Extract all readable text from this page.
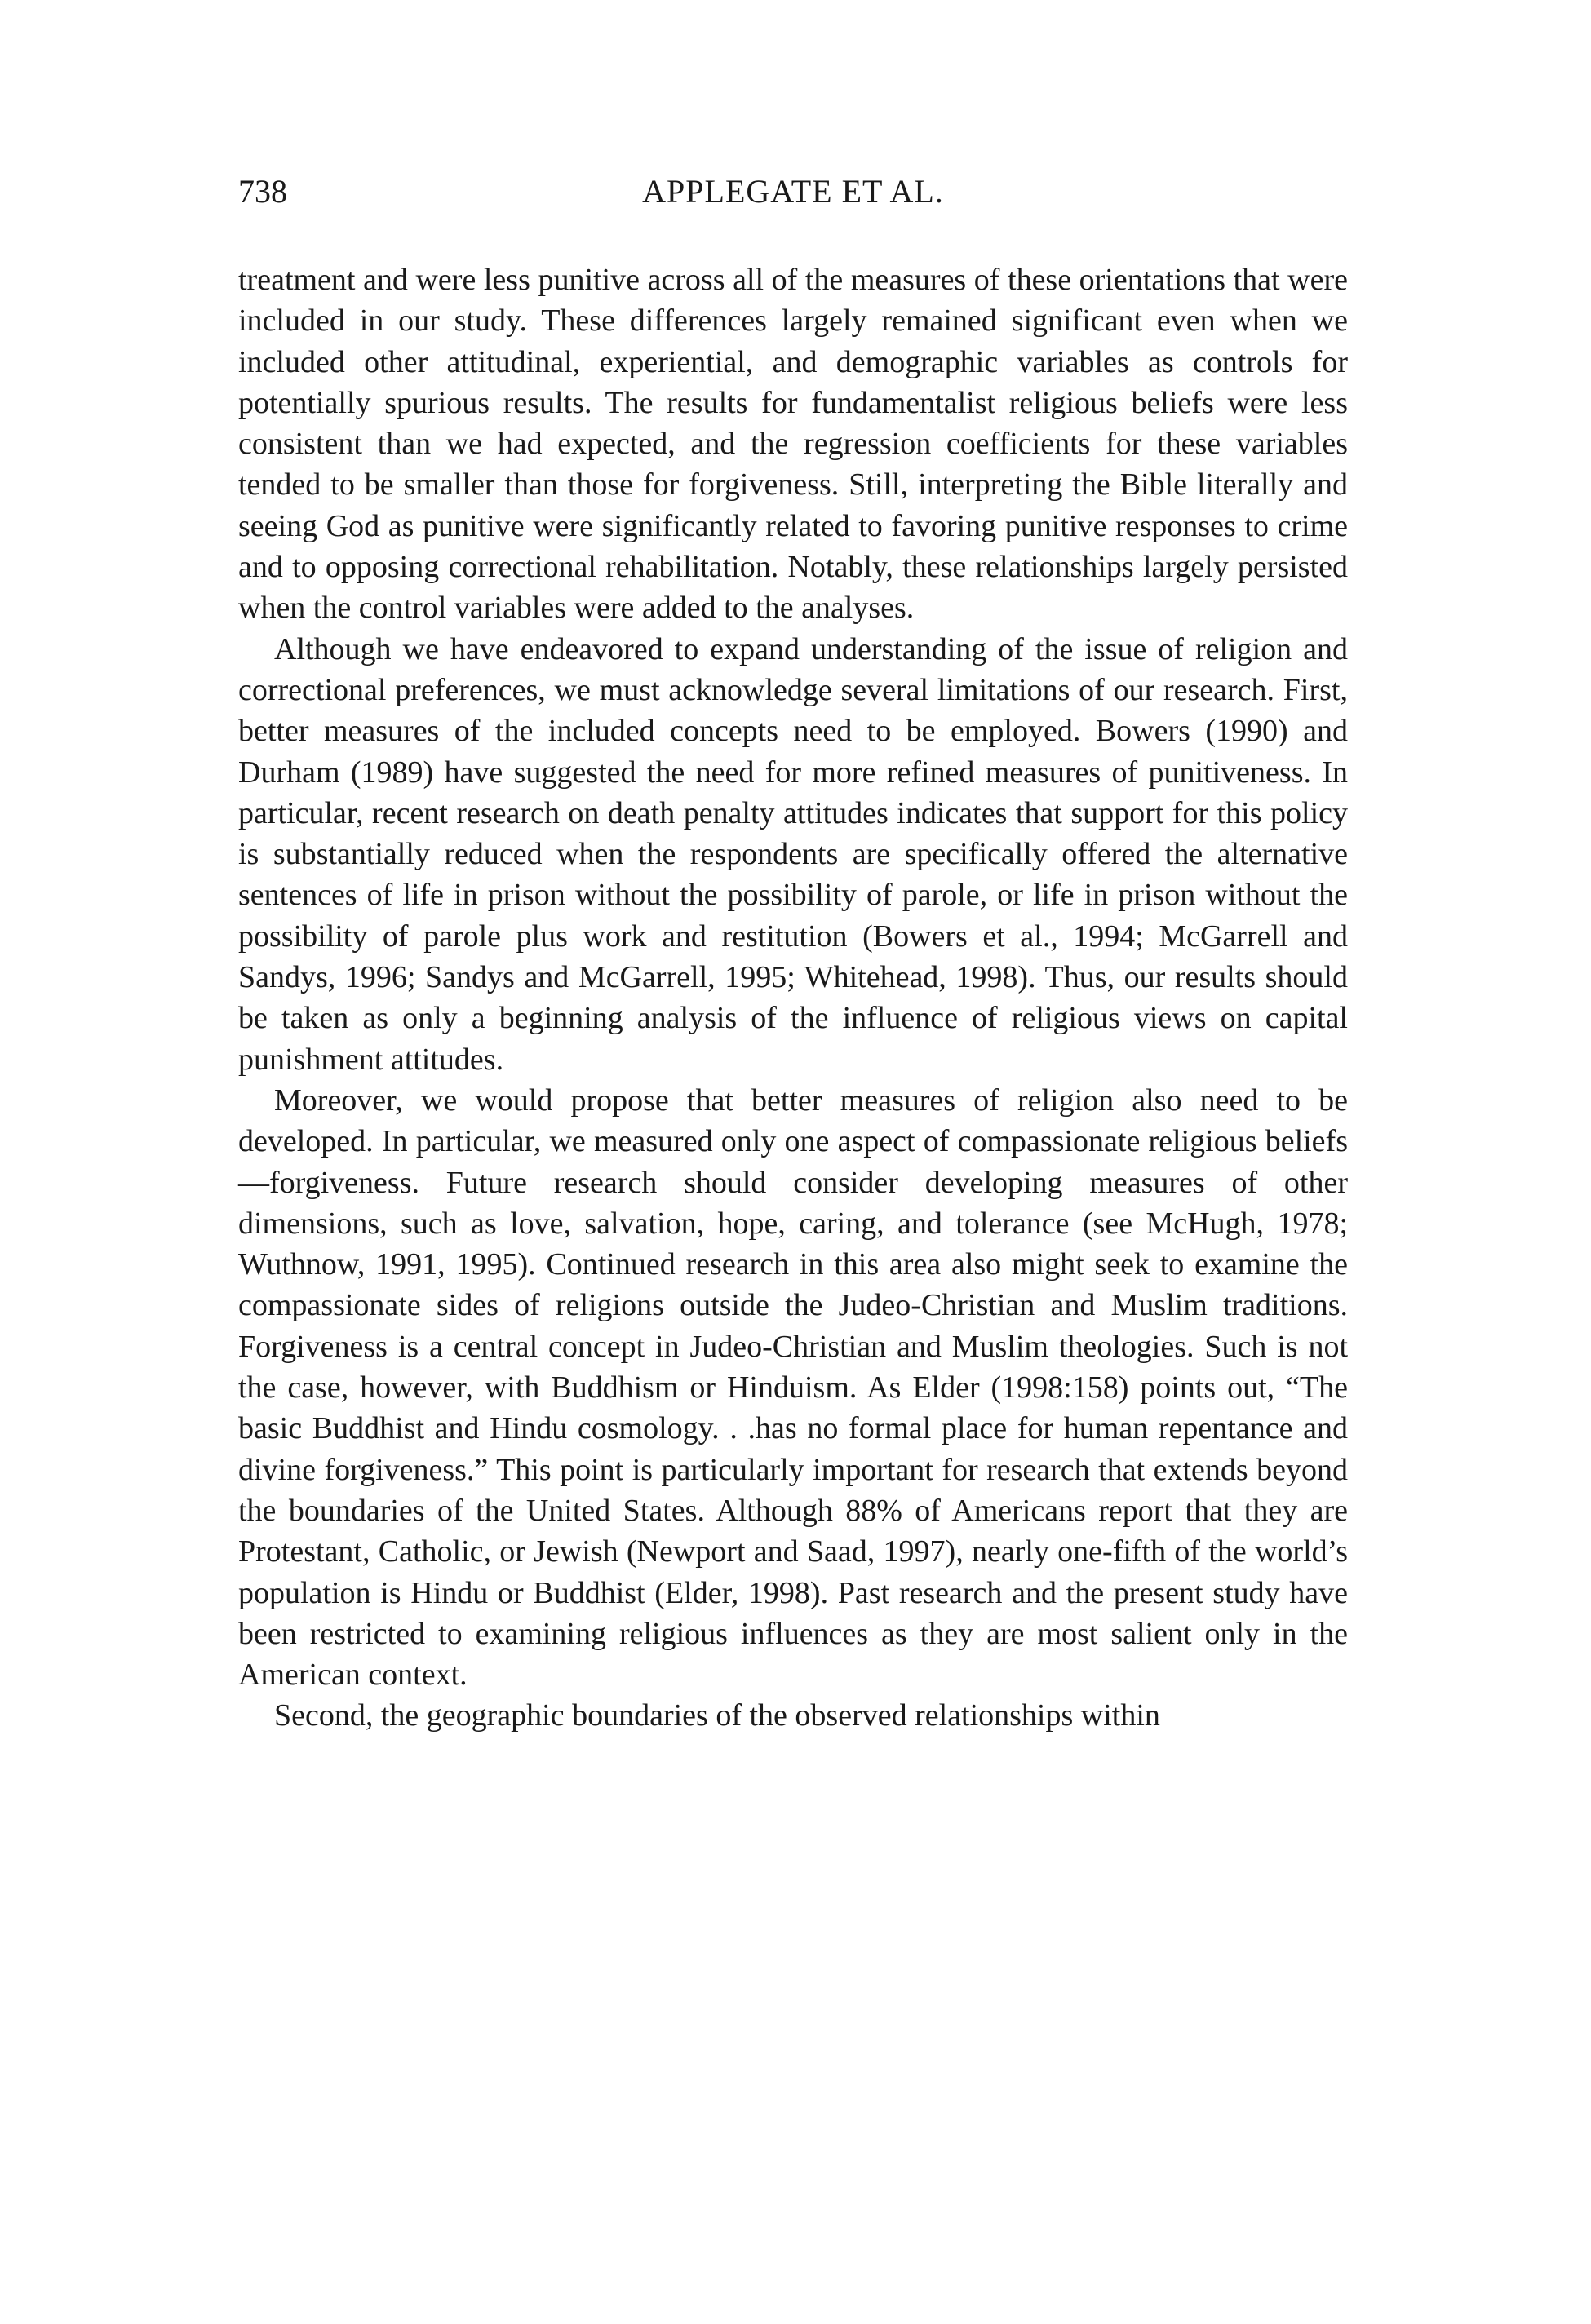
738	APPLEGATE ET AL.

treatment and were less punitive across all of the measures of these orientations that were included in our study. These differences largely remained significant even when we included other attitudinal, experiential, and demographic variables as controls for potentially spurious results. The results for fundamentalist religious beliefs were less consistent than we had expected, and the regression coefficients for these variables tended to be smaller than those for forgiveness. Still, interpreting the Bible literally and seeing God as punitive were significantly related to favoring punitive responses to crime and to opposing correctional rehabilitation. Notably, these relationships largely persisted when the control variables were added to the analyses.

Although we have endeavored to expand understanding of the issue of religion and correctional preferences, we must acknowledge several limitations of our research. First, better measures of the included concepts need to be employed. Bowers (1990) and Durham (1989) have suggested the need for more refined measures of punitiveness. In particular, recent research on death penalty attitudes indicates that support for this policy is substantially reduced when the respondents are specifically offered the alternative sentences of life in prison without the possibility of parole, or life in prison without the possibility of parole plus work and restitution (Bowers et al., 1994; McGarrell and Sandys, 1996; Sandys and McGarrell, 1995; Whitehead, 1998). Thus, our results should be taken as only a beginning analysis of the influence of religious views on capital punishment attitudes.

Moreover, we would propose that better measures of religion also need to be developed. In particular, we measured only one aspect of compassionate religious beliefs—forgiveness. Future research should consider developing measures of other dimensions, such as love, salvation, hope, caring, and tolerance (see McHugh, 1978; Wuthnow, 1991, 1995). Continued research in this area also might seek to examine the compassionate sides of religions outside the Judeo-Christian and Muslim traditions. Forgiveness is a central concept in Judeo-Christian and Muslim theologies. Such is not the case, however, with Buddhism or Hinduism. As Elder (1998:158) points out, “The basic Buddhist and Hindu cosmology. . .has no formal place for human repentance and divine forgiveness.” This point is particularly important for research that extends beyond the boundaries of the United States. Although 88% of Americans report that they are Protestant, Catholic, or Jewish (Newport and Saad, 1997), nearly one-fifth of the world’s population is Hindu or Buddhist (Elder, 1998). Past research and the present study have been restricted to examining religious influences as they are most salient only in the American context.

Second, the geographic boundaries of the observed relationships within
